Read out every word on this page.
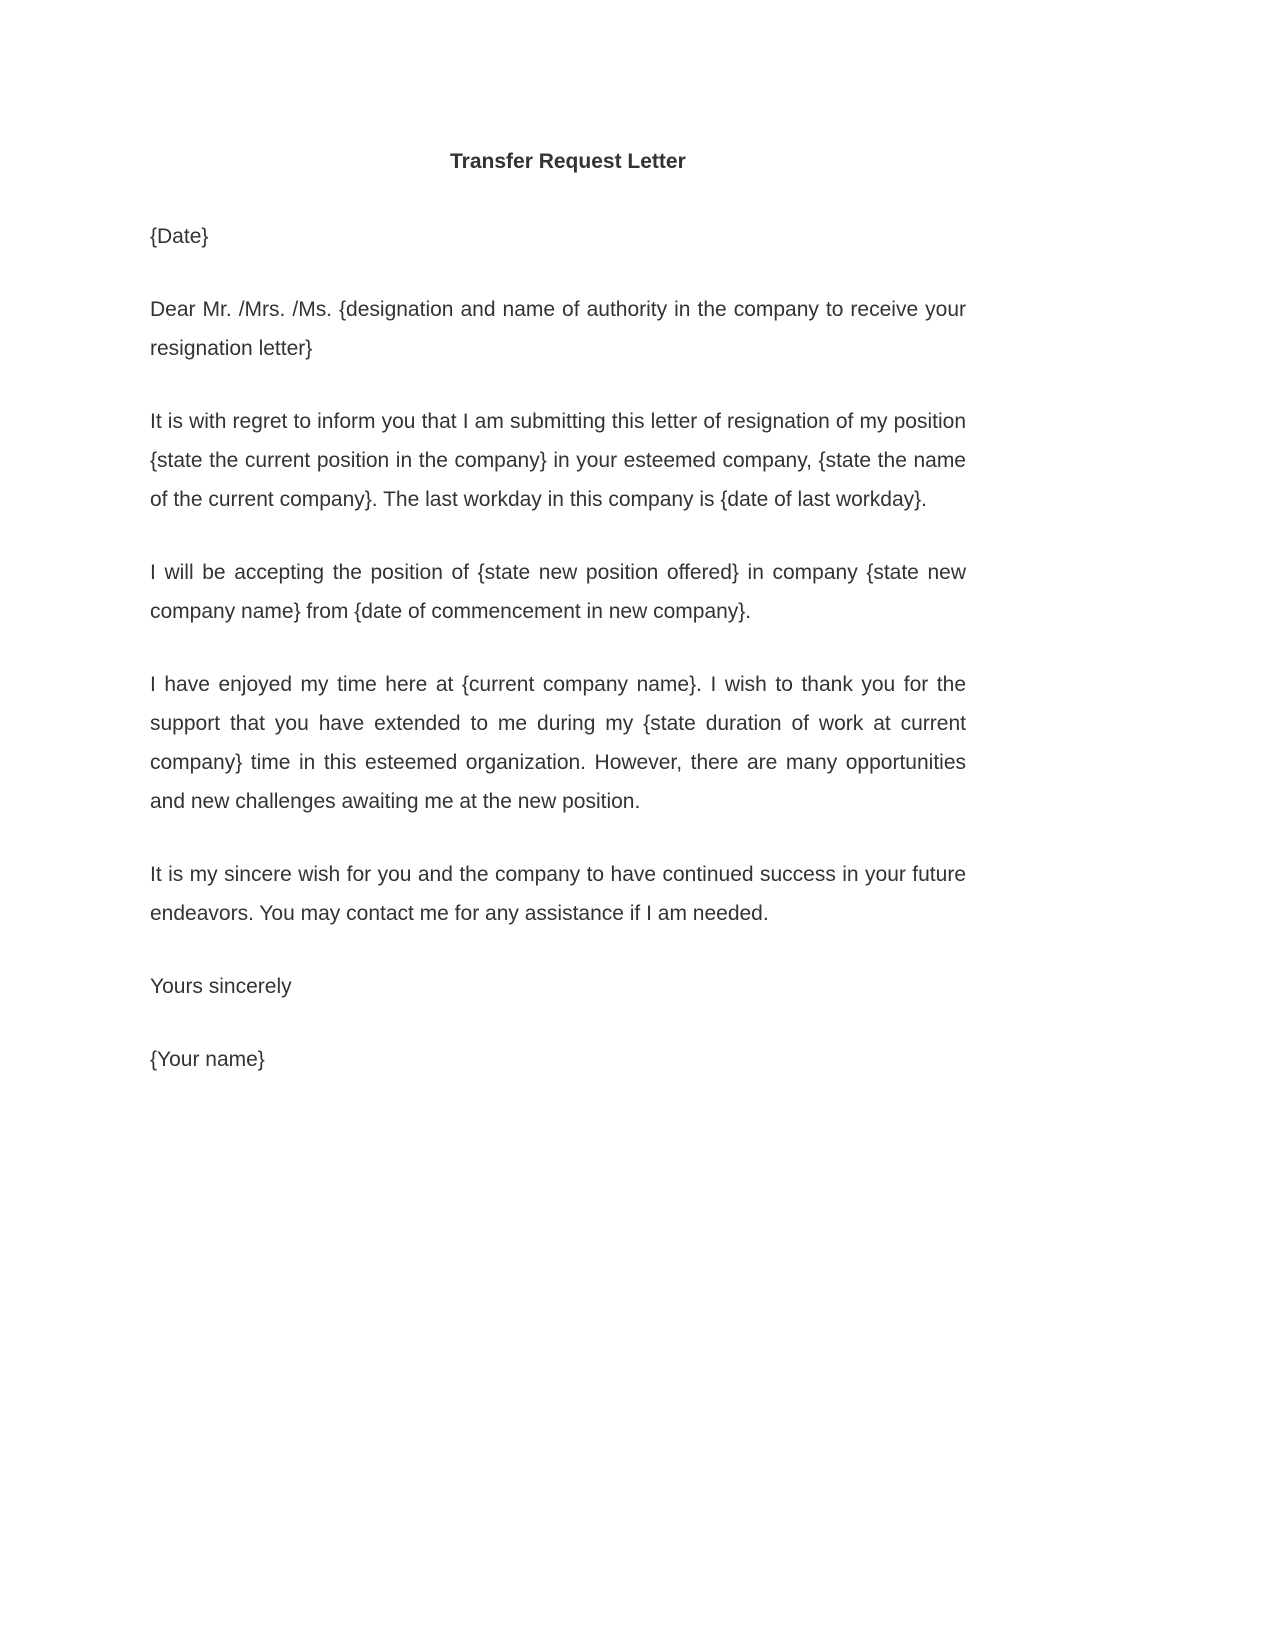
Transfer Request Letter
{Date}
Dear Mr. /Mrs. /Ms. {designation and name of authority in the company to receive your resignation letter}
It is with regret to inform you that I am submitting this letter of resignation of my position {state the current position in the company} in your esteemed company, {state the name of the current company}. The last workday in this company is {date of last workday}.
I will be accepting the position of {state new position offered} in company {state new company name} from {date of commencement in new company}.
I have enjoyed my time here at {current company name}. I wish to thank you for the support that you have extended to me during my {state duration of work at current company} time in this esteemed organization. However, there are many opportunities and new challenges awaiting me at the new position.
It is my sincere wish for you and the company to have continued success in your future endeavors. You may contact me for any assistance if I am needed.
Yours sincerely
{Your name}
